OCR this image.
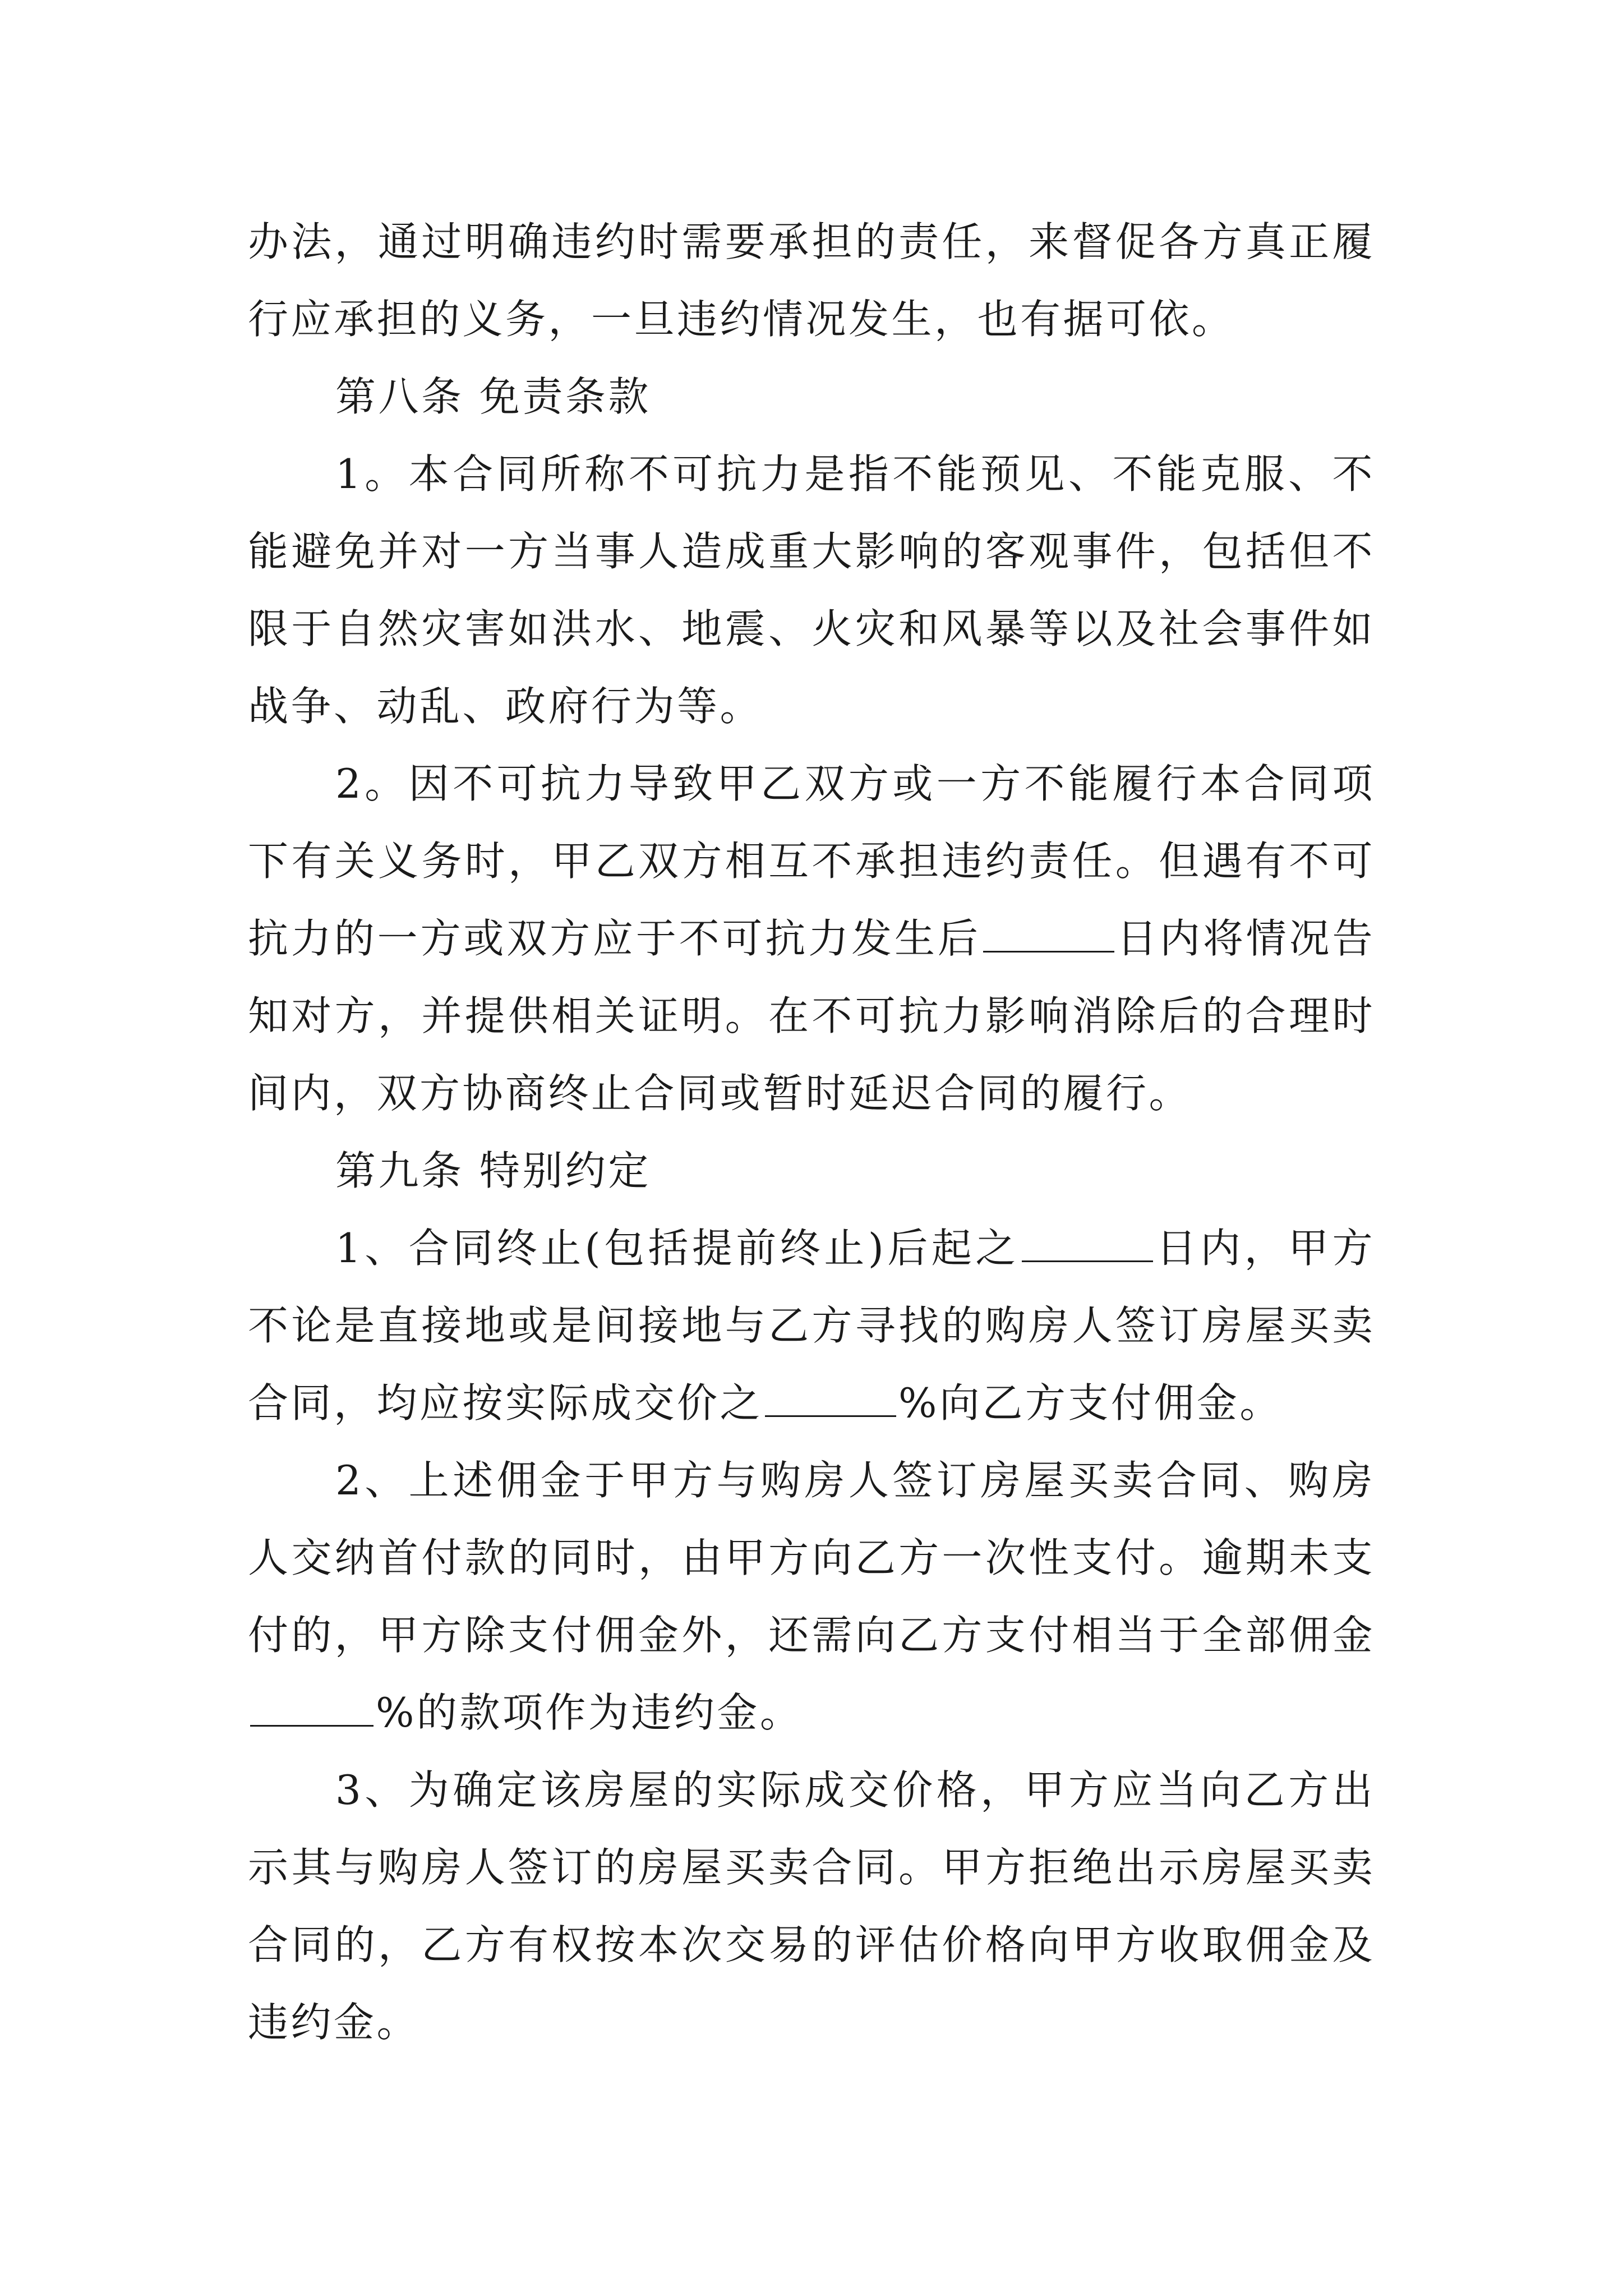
办法，通过明确违约时需要承担的责任，来督促各方真正履行应承担的义务，一旦违约情况发生，也有据可依。

第八条 免责条款

1。本合同所称不可抗力是指不能预见、不能克服、不能避免并对一方当事人造成重大影响的客观事件，包括但不限于自然灾害如洪水、地震、火灾和风暴等以及社会事件如战争、动乱、政府行为等。

2。因不可抗力导致甲乙双方或一方不能履行本合同项下有关义务时，甲乙双方相互不承担违约责任。但遇有不可抗力的一方或双方应于不可抗力发生后	日内将情况告知对方，并提供相关证明。在不可抗力影响消除后的合理时间内，双方协商终止合同或暂时延迟合同的履行。

第九条 特别约定

1、合同终止(包括提前终止)后起之	日内，甲方不论是直接地或是间接地与乙方寻找的购房人签订房屋买卖合同，均应按实际成交价之	%向乙方支付佣金。

2、上述佣金于甲方与购房人签订房屋买卖合同、购房人交纳首付款的同时，由甲方向乙方一次性支付。逾期未支付的，甲方除支付佣金外，还需向乙方支付相当于全部佣金%的款项作为违约金。

3、为确定该房屋的实际成交价格，甲方应当向乙方出示其与购房人签订的房屋买卖合同。甲方拒绝出示房屋买卖合同的，乙方有权按本次交易的评估价格向甲方收取佣金及违约金。
